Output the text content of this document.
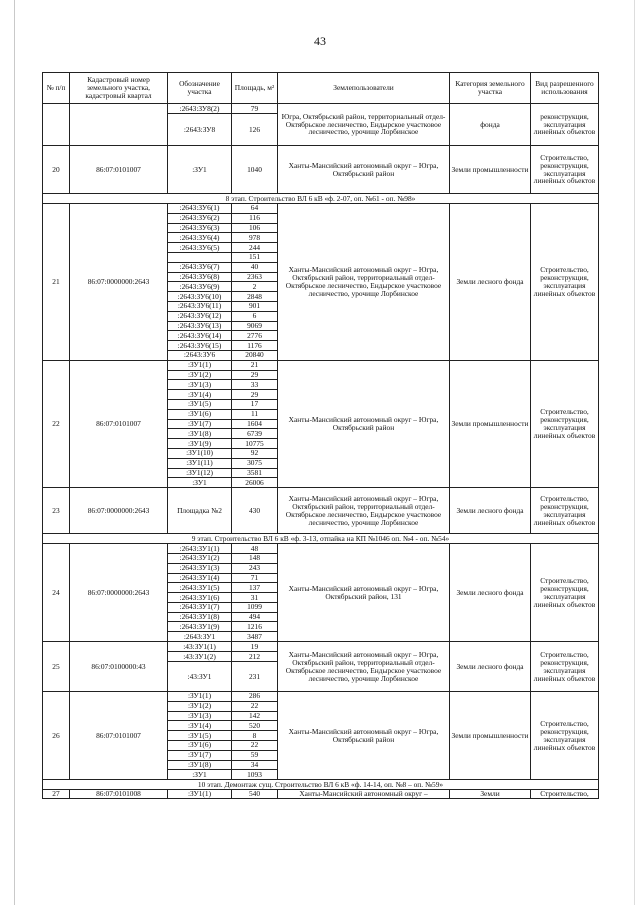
43
№ п/п	Кадастровый номер земельного участка, кадастровый квартал	Обозначение участка	Площадь, м²	Землепользователи	Категория земельного участка	Вид разрешенного использования
		:2643:ЗУ8(2)	79	Югра, Октябрьский район, территориальный отдел-Октябрьское лесничество, Ендырское участковое лесничество, урочище Лорбинское	фонда	реконструкция, эксплуатация линейных объектов
		:2643:ЗУ8	126			
20	86:07:0101007	:ЗУ1	1040	Ханты-Мансийский автономный округ – Югра, Октябрьский район	Земли промышленности	Строительство, реконструкция, эксплуатация линейных объектов
8 этап. Строительство ВЛ 6 кВ «ф. 2-07, оп. №61 - оп. №98»						
21	86:07:0000000:2643	:2643:ЗУ6(1)	64	Ханты-Мансийский автономный округ – Югра, Октябрьский район, территориальный отдел-Октябрьское лесничество, Ендырское участковое лесничество, урочище Лорбинское	Земли лесного фонда	Строительство, реконструкция, эксплуатация линейных объектов
		:2643:ЗУ6(2)	116			
		:2643:ЗУ6(3)	106			
		:2643:ЗУ6(4)	978			
		:2643:ЗУ6(5)	244			
			151			
		:2643:ЗУ6(7)	40			
		:2643:ЗУ6(8)	2363			
		:2643:ЗУ6(9)	2			
		:2643:ЗУ6(10)	2848			
		:2643:ЗУ6(11)	901			
		:2643:ЗУ6(12)	6			
		:2643:ЗУ6(13)	9069			
		:2643:ЗУ6(14)	2776			
		:2643:ЗУ6(15)	1176			
		:2643:ЗУ6	20840			
22	86:07:0101007	:ЗУ1(1)	21	Ханты-Мансийский автономный округ – Югра, Октябрьский район	Земли промышленности	Строительство, реконструкция, эксплуатация линейных объектов
		:ЗУ1(2)	29			
		:ЗУ1(3)	33			
		:ЗУ1(4)	29			
		:ЗУ1(5)	17			
		:ЗУ1(6)	11			
		:ЗУ1(7)	1604			
		:ЗУ1(8)	6739			
		:ЗУ1(9)	10775			
		:ЗУ1(10)	92			
		:ЗУ1(11)	3075			
		:ЗУ1(12)	3581			
		:ЗУ1	26006			
23	86:07:0000000:2643	Площадка №2	430	Ханты-Мансийский автономный округ – Югра, Октябрьский район, территориальный отдел-Октябрьское лесничество, Ендырское участковое лесничество, урочище Лорбинское	Земли лесного фонда	Строительство, реконструкция, эксплуатация линейных объектов
9 этап. Строительство ВЛ 6 кВ «ф. 3-13, отпайка на КП №1046 оп. №4 - оп. №54»						
24	86:07:0000000:2643	:2643:ЗУ1(1)	48	Ханты-Мансийский автономный округ – Югра, Октябрьский район, 131	Земли лесного фонда	Строительство, реконструкция, эксплуатация линейных объектов
		:2643:ЗУ1(2)	148			
		:2643:ЗУ1(3)	243			
		:2643:ЗУ1(4)	71			
		:2643:ЗУ1(5)	137			
		:2643:ЗУ1(6)	31			
		:2643:ЗУ1(7)	1099			
		:2643:ЗУ1(8)	494			
		:2643:ЗУ1(9)	1216			
		:2643:ЗУ1	3487			
25	86:07:0100000:43	:43:ЗУ1(1)	19	Ханты-Мансийский автономный округ – Югра, Октябрьский район, территориальный отдел-Октябрьское лесничество, Ендырское участковое лесничество, урочище Лорбинское	Земли лесного фонда	Строительство, реконструкция, эксплуатация линейных объектов
		:43:ЗУ1(2)	212			
		:43:ЗУ1	231			
26	86:07:0101007	:ЗУ1(1)	286	Ханты-Мансийский автономный округ – Югра, Октябрьский район	Земли промышленности	Строительство, реконструкция, эксплуатация линейных объектов
		:ЗУ1(2)	22			
		:ЗУ1(3)	142			
		:ЗУ1(4)	520			
		:ЗУ1(5)	8			
		:ЗУ1(6)	22			
		:ЗУ1(7)	59			
		:ЗУ1(8)	34			
		:ЗУ1	1093			
10 этап. Демонтаж сущ. Строительство ВЛ 6 кВ «ф. 14-14, оп. №8 – оп. №59»						
27	86:07:0101008	:ЗУ1(1)	540	Ханты-Мансийский автономный округ –	Земли	Строительство,
